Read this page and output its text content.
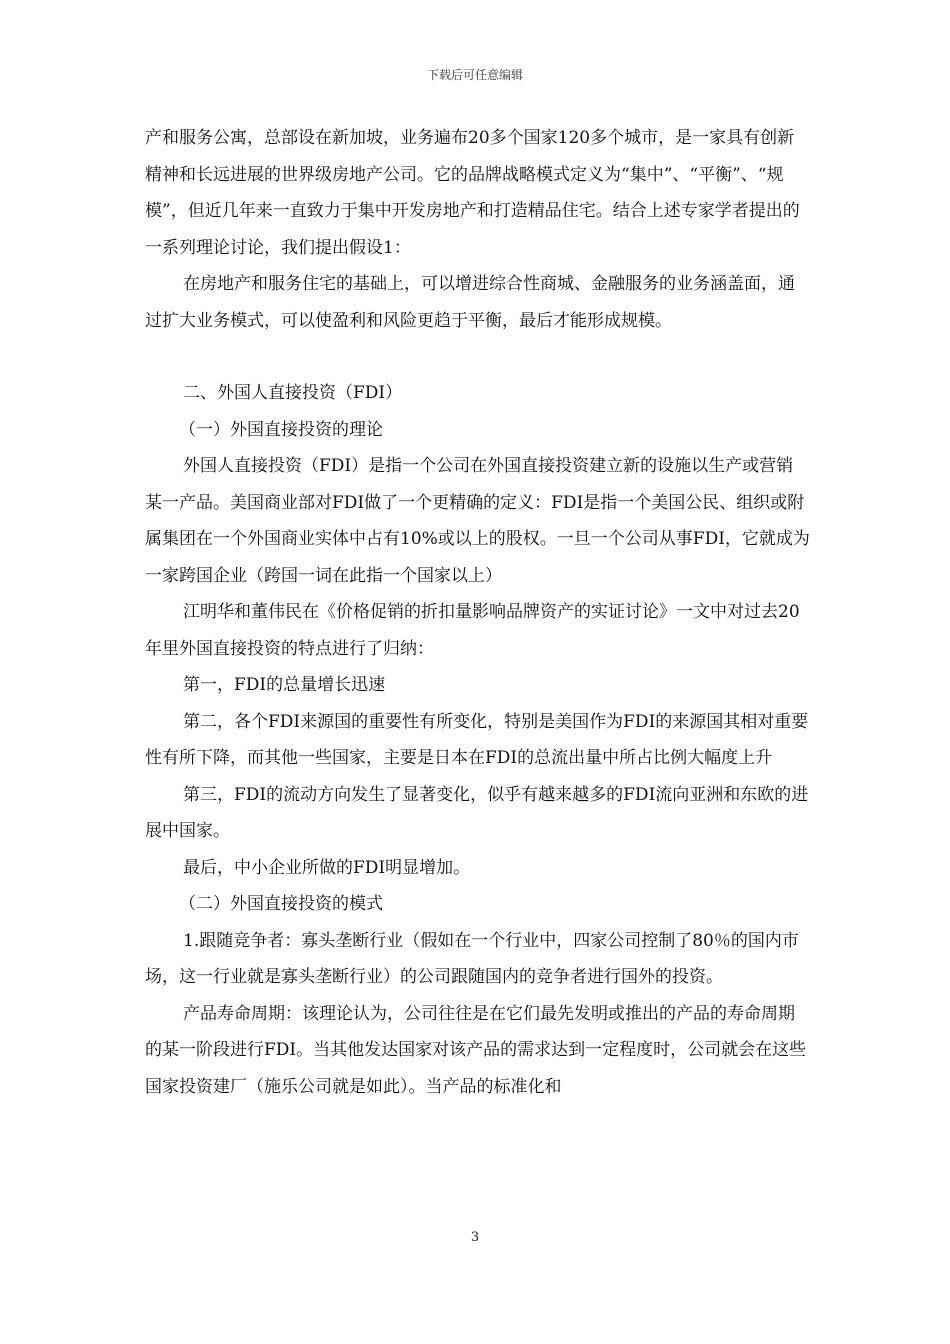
下载后可任意编辑

产和服务公寓，总部设在新加坡，业务遍布20多个国家120多个城市，是一家具有创新精神和长远进展的世界级房地产公司。它的品牌战略模式定义为“集中”、“平衡”、“规模”，但近几年来一直致力于集中开发房地产和打造精品住宅。结合上述专家学者提出的一系列理论讨论，我们提出假设1：

在房地产和服务住宅的基础上，可以增进综合性商城、金融服务的业务涵盖面，通过扩大业务模式，可以使盈利和风险更趋于平衡，最后才能形成规模。

二、外国人直接投资（FDI）

（一）外国直接投资的理论

外国人直接投资（FDI）是指一个公司在外国直接投资建立新的设施以生产或营销某一产品。美国商业部对FDI做了一个更精确的定义：FDI是指一个美国公民、组织或附属集团在一个外国商业实体中占有10%或以上的股权。一旦一个公司从事FDI，它就成为一家跨国企业（跨国一词在此指一个国家以上）

江明华和董伟民在《价格促销的折扣量影响品牌资产的实证讨论》一文中对过去20年里外国直接投资的特点进行了归纳：

第一，FDI的总量增长迅速

第二，各个FDI来源国的重要性有所变化，特别是美国作为FDI的来源国其相对重要性有所下降，而其他一些国家，主要是日本在FDI的总流出量中所占比例大幅度上升

第三，FDI的流动方向发生了显著变化，似乎有越来越多的FDI流向亚洲和东欧的进展中国家。

最后，中小企业所做的FDI明显增加。

（二）外国直接投资的模式

1.跟随竞争者：寡头垄断行业（假如在一个行业中，四家公司控制了80％的国内市场，这一行业就是寡头垄断行业）的公司跟随国内的竞争者进行国外的投资。

产品寿命周期：该理论认为，公司往往是在它们最先发明或推出的产品的寿命周期的某一阶段进行FDI。当其他发达国家对该产品的需求达到一定程度时，公司就会在这些国家投资建厂（施乐公司就是如此）。当产品的标准化和

3
